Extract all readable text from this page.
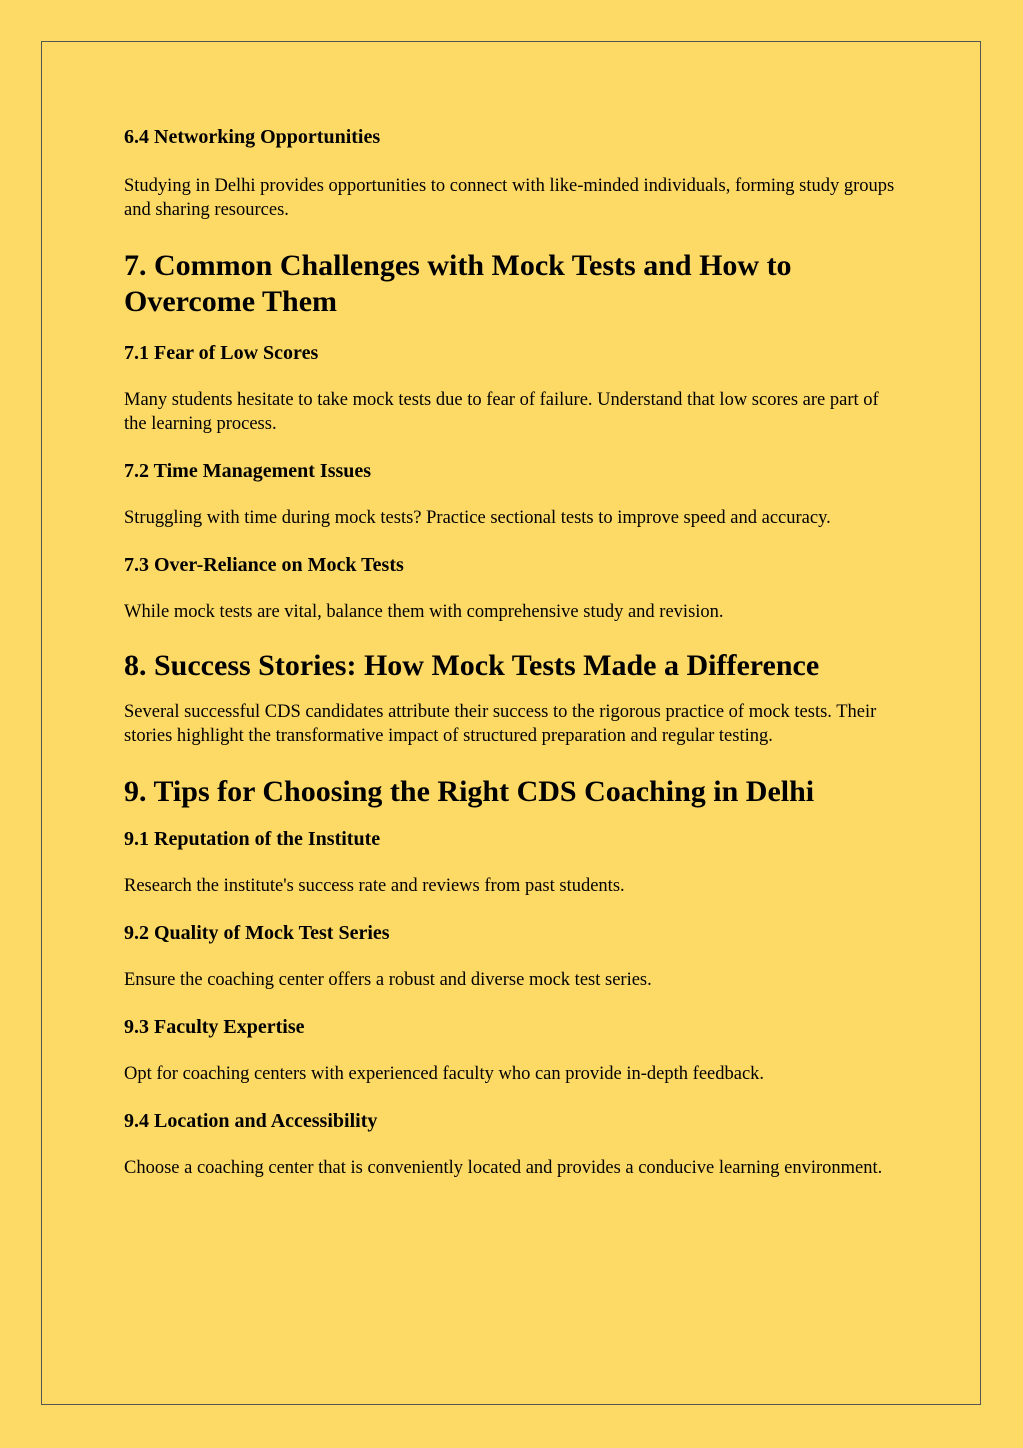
6.4 Networking Opportunities
Studying in Delhi provides opportunities to connect with like-minded individuals, forming study groups and sharing resources.
7. Common Challenges with Mock Tests and How to Overcome Them
7.1 Fear of Low Scores
Many students hesitate to take mock tests due to fear of failure. Understand that low scores are part of the learning process.
7.2 Time Management Issues
Struggling with time during mock tests? Practice sectional tests to improve speed and accuracy.
7.3 Over-Reliance on Mock Tests
While mock tests are vital, balance them with comprehensive study and revision.
8. Success Stories: How Mock Tests Made a Difference
Several successful CDS candidates attribute their success to the rigorous practice of mock tests. Their stories highlight the transformative impact of structured preparation and regular testing.
9. Tips for Choosing the Right CDS Coaching in Delhi
9.1 Reputation of the Institute
Research the institute's success rate and reviews from past students.
9.2 Quality of Mock Test Series
Ensure the coaching center offers a robust and diverse mock test series.
9.3 Faculty Expertise
Opt for coaching centers with experienced faculty who can provide in-depth feedback.
9.4 Location and Accessibility
Choose a coaching center that is conveniently located and provides a conducive learning environment.
